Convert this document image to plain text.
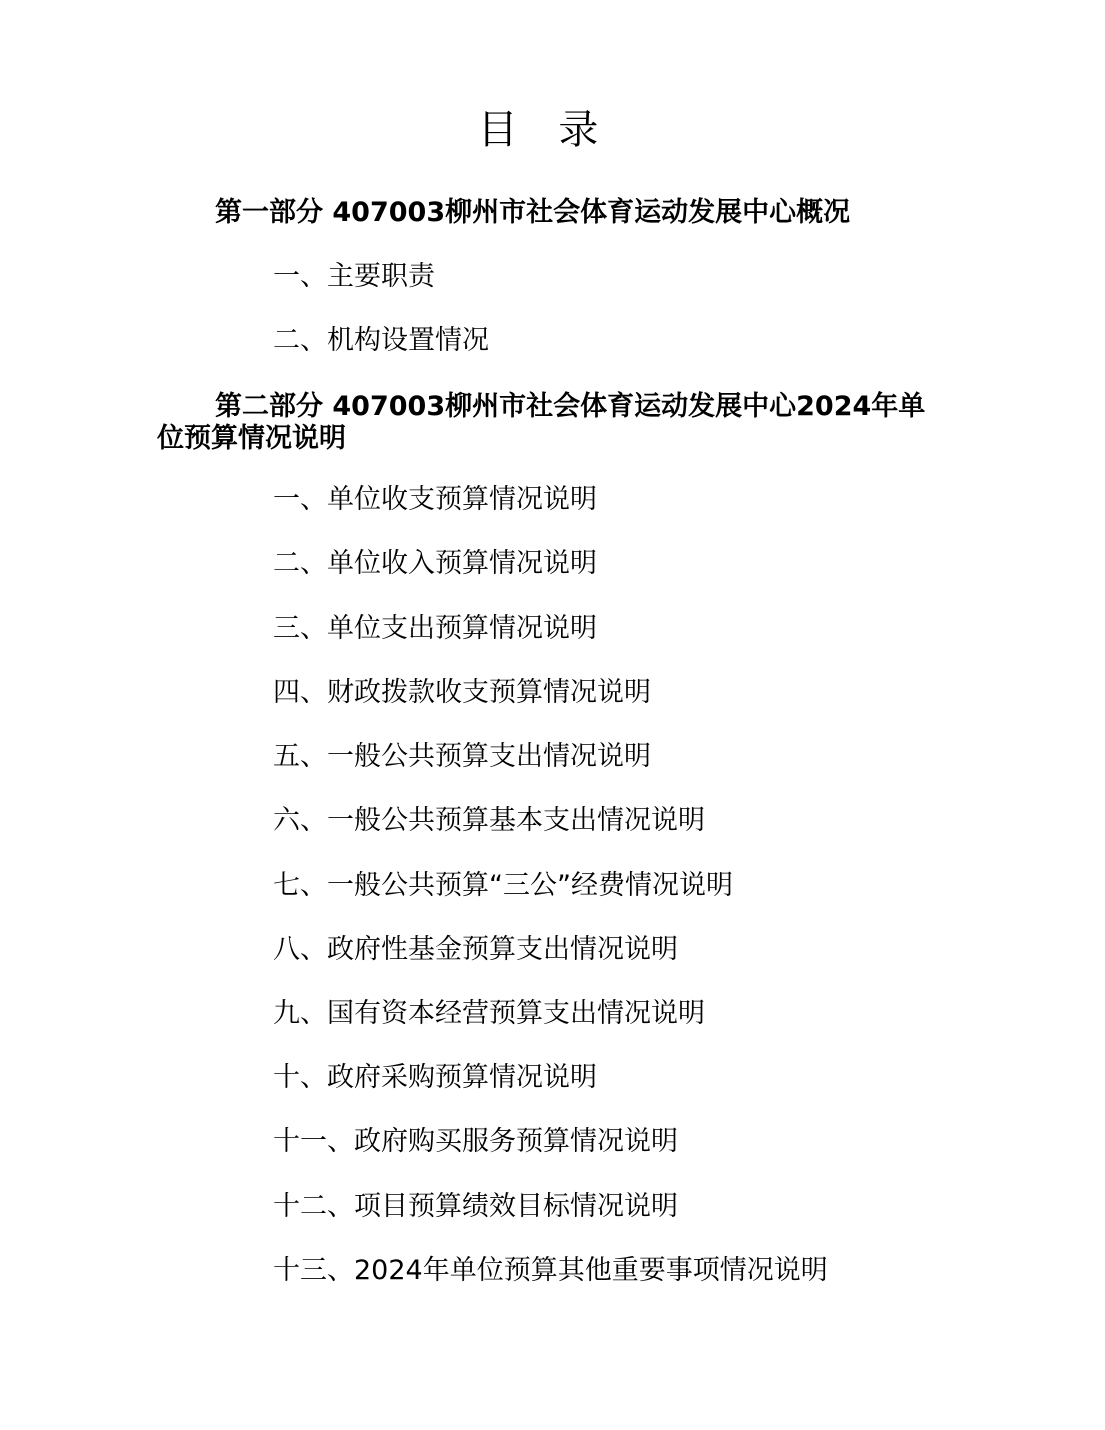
目 录

第一部分 407003柳州市社会体育运动发展中心概况

一、主要职责
二、机构设置情况

第二部分 407003柳州市社会体育运动发展中心2024年单位预算情况说明

一、单位收支预算情况说明
二、单位收入预算情况说明
三、单位支出预算情况说明
四、财政拨款收支预算情况说明
五、一般公共预算支出情况说明
六、一般公共预算基本支出情况说明
七、一般公共预算“三公”经费情况说明
八、政府性基金预算支出情况说明
九、国有资本经营预算支出情况说明
十、政府采购预算情况说明
十一、政府购买服务预算情况说明
十二、项目预算绩效目标情况说明
十三、2024年单位预算其他重要事项情况说明
